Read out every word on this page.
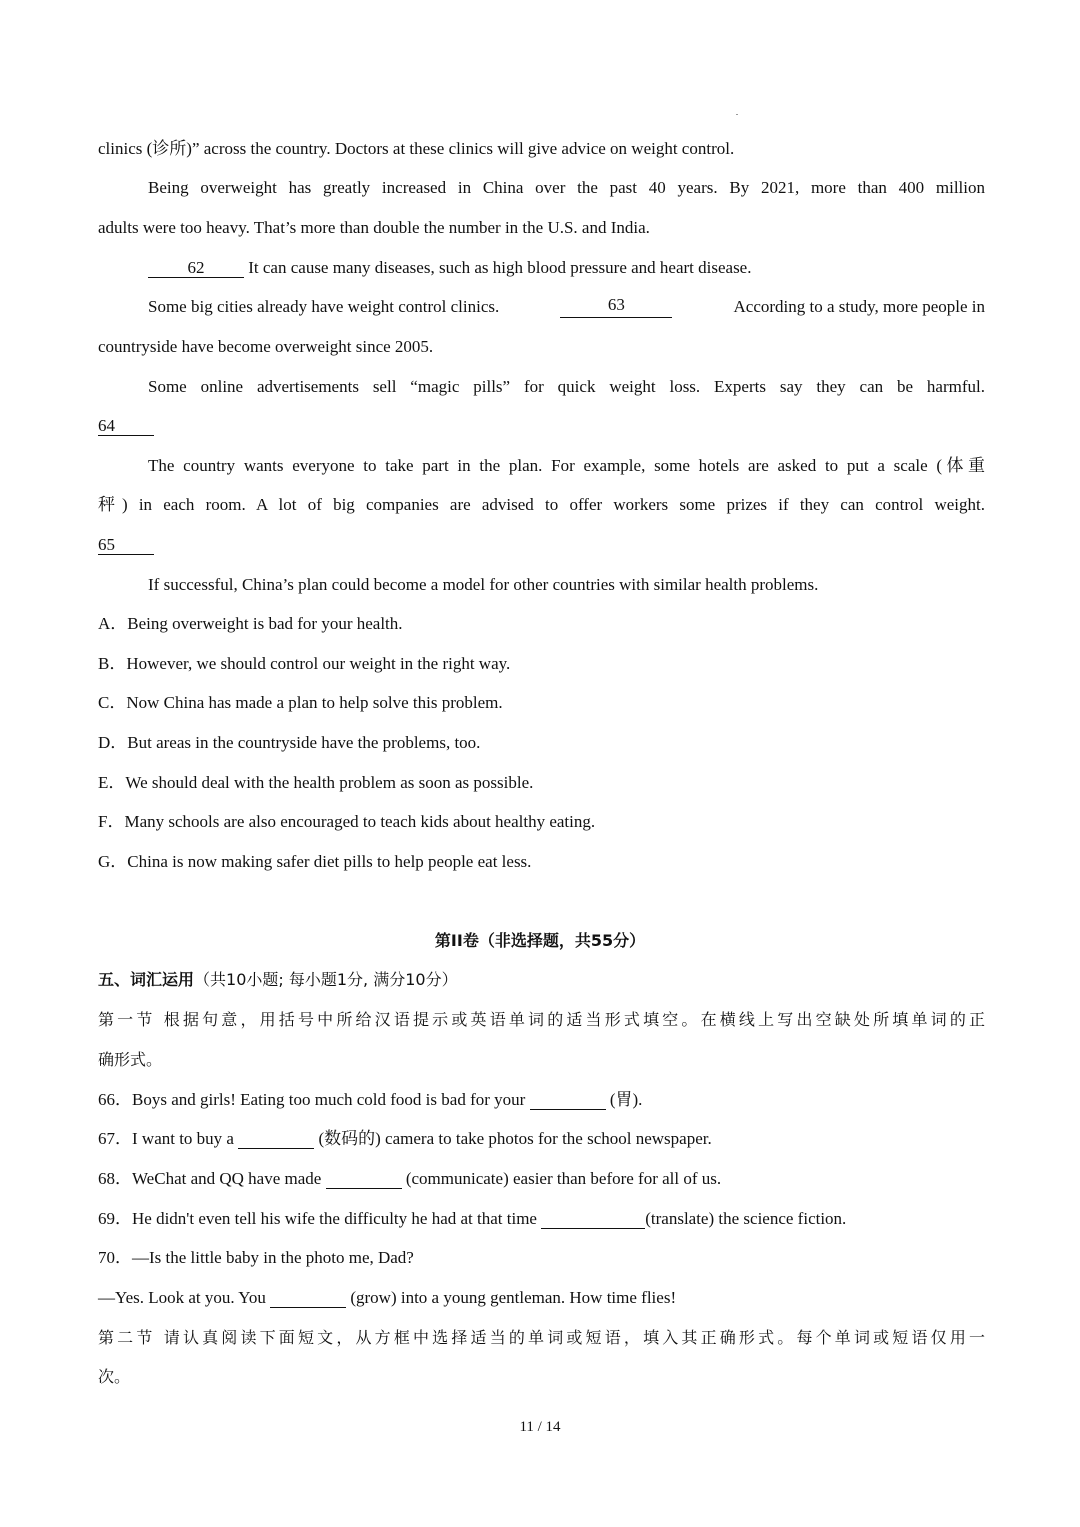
clinics (诊所)” across the country. Doctors at these clinics will give advice on weight control.
Being overweight has greatly increased in China over the past 40 years. By 2021, more than 400 million
adults were too heavy. That’s more than double the number in the U.S. and India.
62	It can cause many diseases, such as high blood pressure and heart disease.
Some big cities already have weight control clinics.	63	According to a study, more people in
countryside have become overweight since 2005.
Some online advertisements sell “magic pills” for quick weight loss. Experts say they can be harmful.
64
The country wants everyone to take part in the plan. For example, some hotels are asked to put a scale (体重
秤) in each room. A lot of big companies are advised to offer workers some prizes if they can control weight.
65
If successful, China’s plan could become a model for other countries with similar health problems.
A．Being overweight is bad for your health.
B．However, we should control our weight in the right way.
C．Now China has made a plan to help solve this problem.
D．But areas in the countryside have the problems, too.
E．We should deal with the health problem as soon as possible.
F．Many schools are also encouraged to teach kids about healthy eating.
G．China is now making safer diet pills to help people eat less.
第II卷（非选择题，共55分）
五、词汇运用（共10小题; 每小题1分, 满分10分）
第一节 根据句意，用括号中所给汉语提示或英语单词的适当形式填空。在横线上写出空缺处所填单词的正
确形式。
66．Boys and girls! Eating too much cold food is bad for your	(胃).
67．I want to buy a	(数码的) camera to take photos for the school newspaper.
68．WeChat and QQ have made	(communicate) easier than before for all of us.
69．He didn't even tell his wife the difficulty he had at that time	(translate) the science fiction.
70．—Is the little baby in the photo me, Dad?
—Yes. Look at you. You	(grow) into a young gentleman. How time flies!
第二节 请认真阅读下面短文，从方框中选择适当的单词或短语，填入其正确形式。每个单词或短语仅用一
次。
11 / 14
